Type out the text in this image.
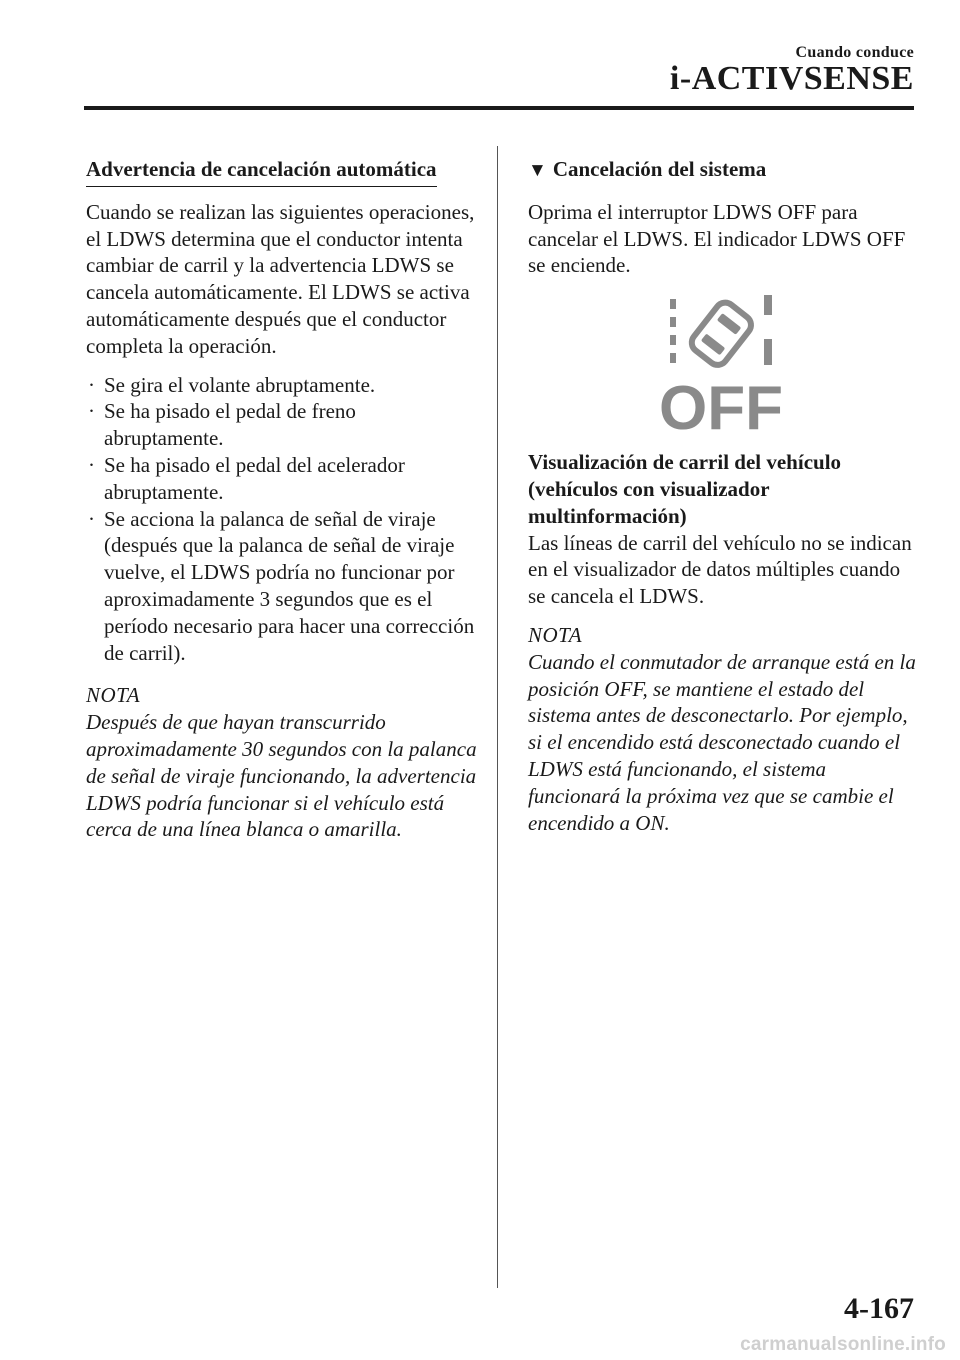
Cuando conduce
i-ACTIVSENSE
Advertencia de cancelación automática

Cuando se realizan las siguientes operaciones, el LDWS determina que el conductor intenta cambiar de carril y la advertencia LDWS se cancela automáticamente. El LDWS se activa automáticamente después que el conductor completa la operación.

· Se gira el volante abruptamente.
· Se ha pisado el pedal de freno abruptamente.
· Se ha pisado el pedal del acelerador abruptamente.
· Se acciona la palanca de señal de viraje (después que la palanca de señal de viraje vuelve, el LDWS podría no funcionar por aproximadamente 3 segundos que es el período necesario para hacer una corrección de carril).
NOTA

Después de que hayan transcurrido aproximadamente 30 segundos con la palanca de señal de viraje funcionando, la advertencia LDWS podría funcionar si el vehículo está cerca de una línea blanca o amarilla.

▼ Cancelación del sistema

Oprima el interruptor LDWS OFF para cancelar el LDWS. El indicador LDWS OFF se enciende.

OFF

Visualización de carril del vehículo (vehículos con visualizador multinformación)

Las líneas de carril del vehículo no se indican en el visualizador de datos múltiples cuando se cancela el LDWS.

NOTA

Cuando el conmutador de arranque está en la posición OFF, se mantiene el estado del sistema antes de desconectarlo. Por ejemplo, si el encendido está desconectado cuando el LDWS está funcionando, el sistema funcionará la próxima vez que se cambie el encendido a ON.

4-167
carmanualsonline.info
